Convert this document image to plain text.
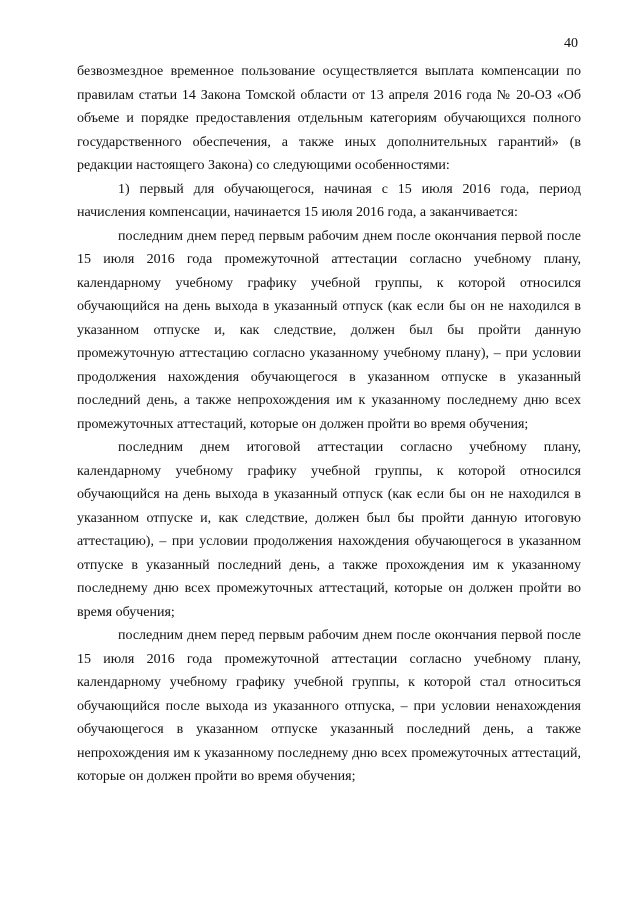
40

безвозмездное временное пользование осуществляется выплата компенсации по правилам статьи 14 Закона Томской области от 13 апреля 2016 года № 20-ОЗ «Об объеме и порядке предоставления отдельным категориям обучающихся полного государственного обеспечения, а также иных дополнительных гарантий» (в редакции настоящего Закона) со следующими особенностями:

1) первый для обучающегося, начиная с 15 июля 2016 года, период начисления компенсации, начинается 15 июля 2016 года, а заканчивается:

последним днем перед первым рабочим днем после окончания первой после 15 июля 2016 года промежуточной аттестации согласно учебному плану, календарному учебному графику учебной группы, к которой относился обучающийся на день выхода в указанный отпуск (как если бы он не находился в указанном отпуске и, как следствие, должен был бы пройти данную промежуточную аттестацию согласно указанному учебному плану), – при условии продолжения нахождения обучающегося в указанном отпуске в указанный последний день, а также непрохождения им к указанному последнему дню всех промежуточных аттестаций, которые он должен пройти во время обучения;

последним днем итоговой аттестации согласно учебному плану, календарному учебному графику учебной группы, к которой относился обучающийся на день выхода в указанный отпуск (как если бы он не находился в указанном отпуске и, как следствие, должен был бы пройти данную итоговую аттестацию), – при условии продолжения нахождения обучающегося в указанном отпуске в указанный последний день, а также прохождения им к указанному последнему дню всех промежуточных аттестаций, которые он должен пройти во время обучения;

последним днем перед первым рабочим днем после окончания первой после 15 июля 2016 года промежуточной аттестации согласно учебному плану, календарному учебному графику учебной группы, к которой стал относиться обучающийся после выхода из указанного отпуска, – при условии ненахождения обучающегося в указанном отпуске указанный последний день, а также непрохождения им к указанному последнему дню всех промежуточных аттестаций, которые он должен пройти во время обучения;
